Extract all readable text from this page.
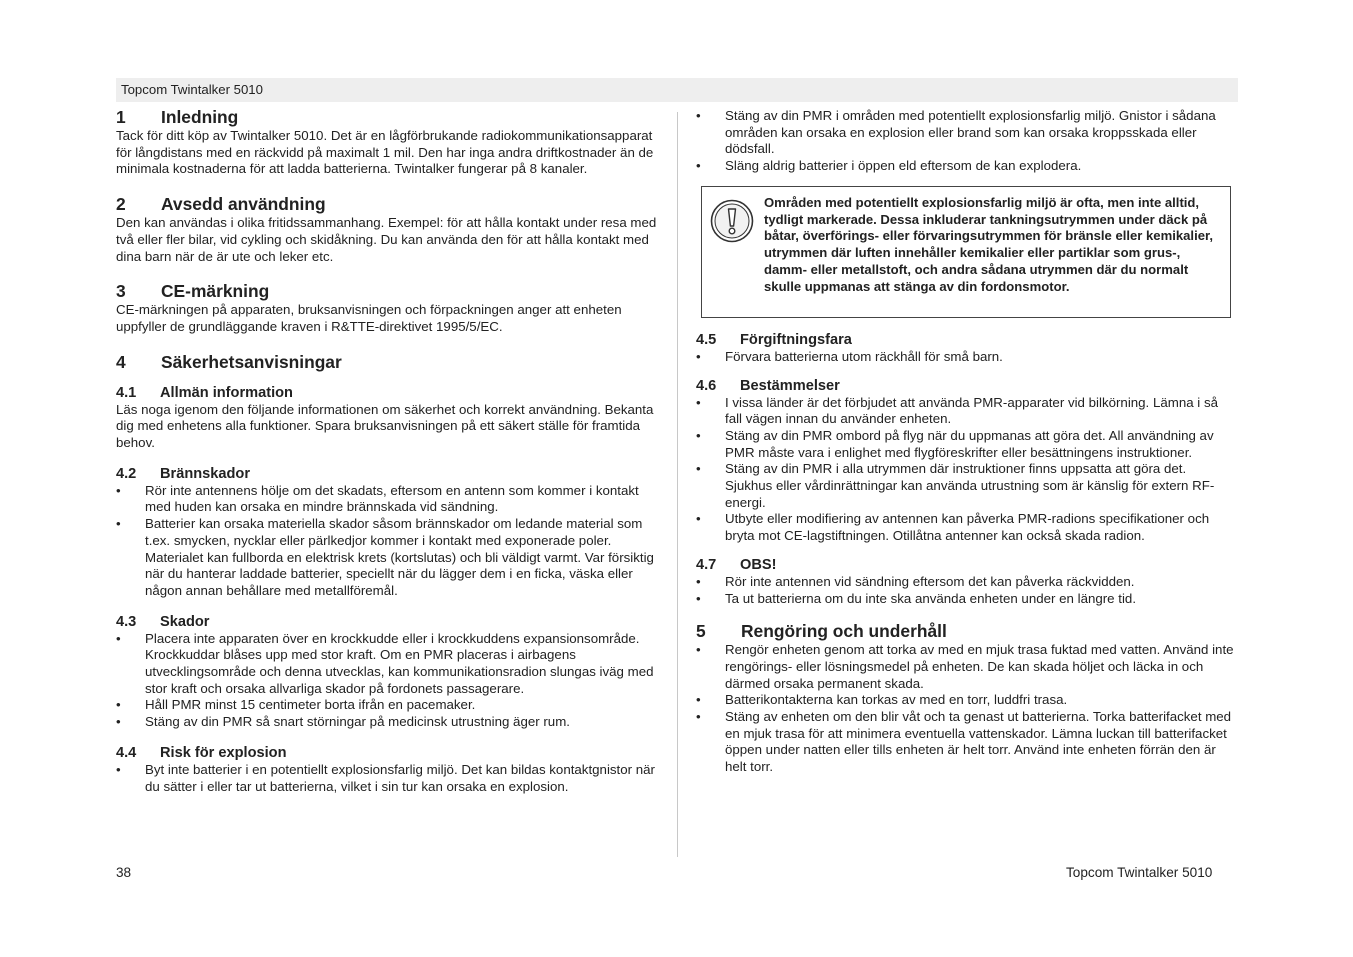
Topcom Twintalker 5010
1	Inledning

Tack för ditt köp av Twintalker 5010. Det är en lågförbrukande radiokommunikationsapparat för långdistans med en räckvidd på maximalt 1 mil. Den har inga andra driftkostnader än de minimala kostnaderna för att ladda batterierna. Twintalker fungerar på 8 kanaler.

2	Avsedd användning

Den kan användas i olika fritidssammanhang. Exempel: för att hålla kontakt under resa med två eller fler bilar, vid cykling och skidåkning. Du kan använda den för att hålla kontakt med dina barn när de är ute och leker etc.

3	CE-märkning

CE-märkningen på apparaten, bruksanvisningen och förpackningen anger att enheten uppfyller de grundläggande kraven i R&TTE-direktivet 1995/5/EC.

4	Säkerhetsanvisningar
4.1	Allmän information

Läs noga igenom den följande informationen om säkerhet och korrekt användning. Bekanta dig med enhetens alla funktioner. Spara bruksanvisningen på ett säkert ställe för framtida behov.

4.2	Brännskador
• Rör inte antennens hölje om det skadats, eftersom en antenn som kommer i kontakt med huden kan orsaka en mindre brännskada vid sändning.
• Batterier kan orsaka materiella skador såsom brännskador om ledande material som t.ex. smycken, nycklar eller pärlkedjor kommer i kontakt med exponerade poler. Materialet kan fullborda en elektrisk krets (kortslutas) och bli väldigt varmt. Var försiktig när du hanterar laddade batterier, speciellt när du lägger dem i en ficka, väska eller någon annan behållare med metallföremål.
4.3	Skador
• Placera inte apparaten över en krockkudde eller i krockkuddens expansionsområde. Krockkuddar blåses upp med stor kraft. Om en PMR placeras i airbagens utvecklingsområde och denna utvecklas, kan kommunikationsradion slungas iväg med stor kraft och orsaka allvarliga skador på fordonets passagerare.
• Håll PMR minst 15 centimeter borta ifrån en pacemaker.
• Stäng av din PMR så snart störningar på medicinsk utrustning äger rum.
4.4	Risk för explosion
• Byt inte batterier i en potentiellt explosionsfarlig miljö. Det kan bildas kontaktgnistor när du sätter i eller tar ut batterierna, vilket i sin tur kan orsaka en explosion.
• Stäng av din PMR i områden med potentiellt explosionsfarlig miljö. Gnistor i sådana områden kan orsaka en explosion eller brand som kan orsaka kroppsskada eller dödsfall.
• Släng aldrig batterier i öppen eld eftersom de kan explodera.
Områden med potentiellt explosionsfarlig miljö är ofta, men inte alltid, tydligt markerade. Dessa inkluderar tankningsutrymmen under däck på båtar, överförings- eller förvaringsutrymmen för bränsle eller kemikalier, utrymmen där luften innehåller kemikalier eller partiklar som grus-, damm- eller metallstoft, och andra sådana utrymmen där du normalt skulle uppmanas att stänga av din fordonsmotor.
4.5	Förgiftningsfara
• Förvara batterierna utom räckhåll för små barn.
4.6	Bestämmelser
• I vissa länder är det förbjudet att använda PMR-apparater vid bilkörning. Lämna i så fall vägen innan du använder enheten.
• Stäng av din PMR ombord på flyg när du uppmanas att göra det. All användning av PMR måste vara i enlighet med flygföreskrifter eller besättningens instruktioner.
• Stäng av din PMR i alla utrymmen där instruktioner finns uppsatta att göra det. Sjukhus eller vårdinrättningar kan använda utrustning som är känslig för extern RF-energi.
• Utbyte eller modifiering av antennen kan påverka PMR-radions specifikationer och bryta mot CE-lagstiftningen. Otillåtna antenner kan också skada radion.
4.7	OBS!
• Rör inte antennen vid sändning eftersom det kan påverka räckvidden.
• Ta ut batterierna om du inte ska använda enheten under en längre tid.
5	Rengöring och underhåll
• Rengör enheten genom att torka av med en mjuk trasa fuktad med vatten. Använd inte rengörings- eller lösningsmedel på enheten. De kan skada höljet och läcka in och därmed orsaka permanent skada.
• Batterikontakterna kan torkas av med en torr, luddfri trasa.
• Stäng av enheten om den blir våt och ta genast ut batterierna. Torka batterifacket med en mjuk trasa för att minimera eventuella vattenskador. Lämna luckan till batterifacket öppen under natten eller tills enheten är helt torr. Använd inte enheten förrän den är helt torr.
38	Topcom Twintalker 5010
